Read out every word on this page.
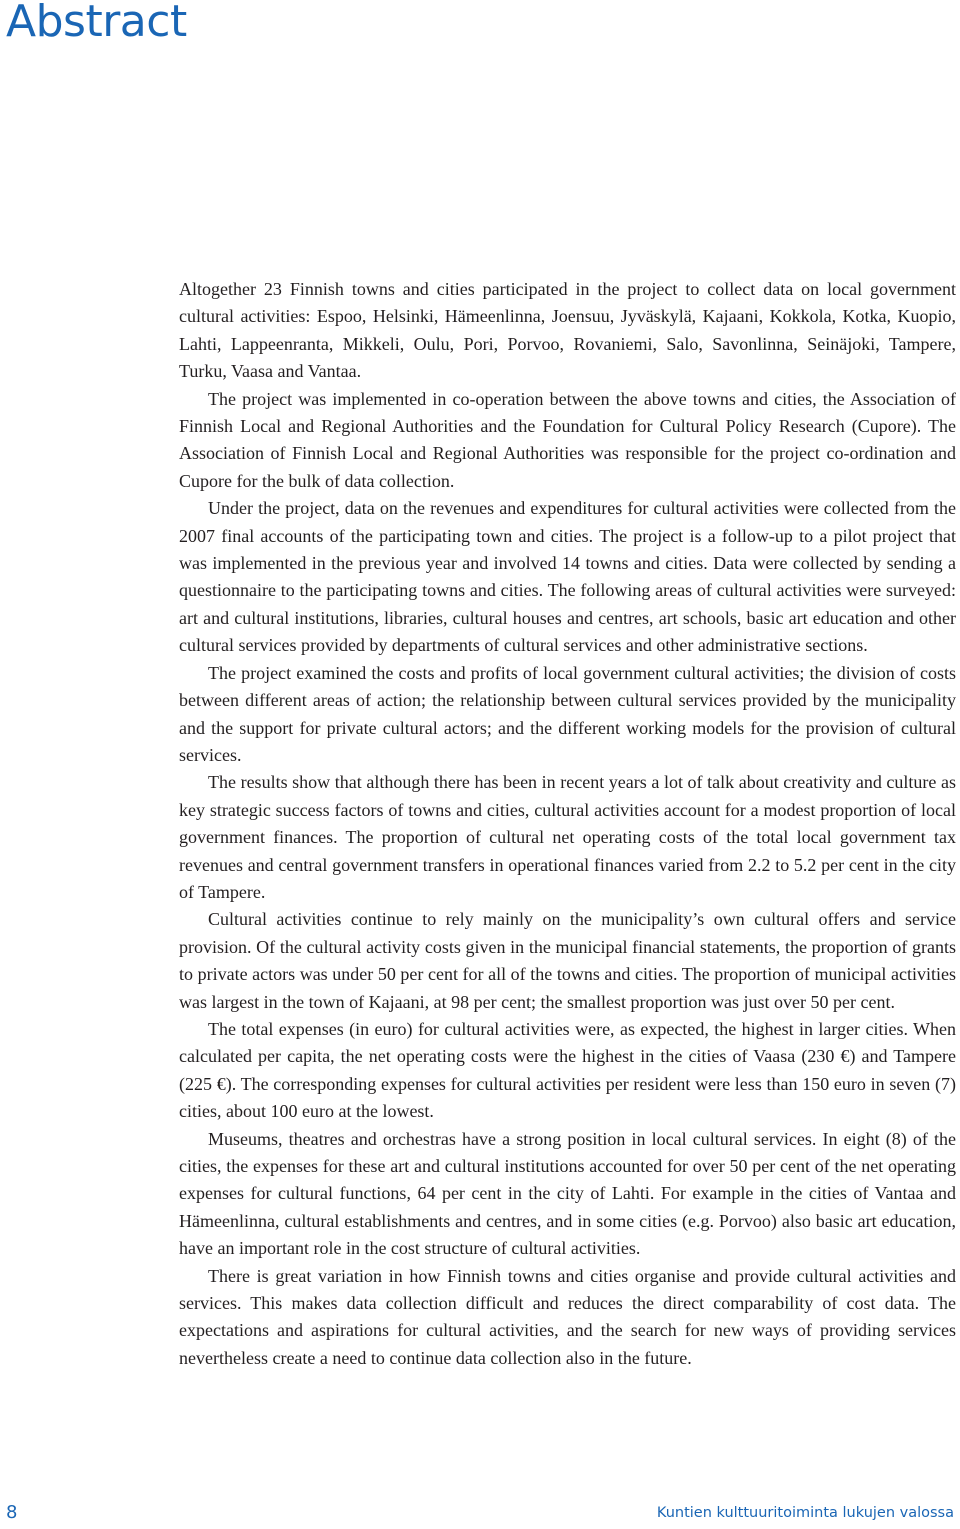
Abstract

Altogether 23 Finnish towns and cities participated in the project to collect data on local government cultural activities: Espoo, Helsinki, Hämeenlinna, Joensuu, Jyväskylä, Kajaani, Kokkola, Kotka, Kuopio, Lahti, Lappeenranta, Mikkeli, Oulu, Pori, Porvoo, Rovaniemi, Salo, Savonlinna, Seinäjoki, Tampere, Turku, Vaasa and Vantaa.

The project was implemented in co-operation between the above towns and cities, the Association of Finnish Local and Regional Authorities and the Foundation for Cultural Policy Research (Cupore). The Association of Finnish Local and Regional Authorities was responsible for the project co-ordination and Cupore for the bulk of data collection.

Under the project, data on the revenues and expenditures for cultural activities were collected from the 2007 final accounts of the participating town and cities. The project is a follow-up to a pilot project that was implemented in the previous year and involved 14 towns and cities. Data were collected by sending a questionnaire to the participating towns and cities. The following areas of cultural activities were surveyed: art and cultural institutions, libraries, cultural houses and centres, art schools, basic art education and other cultural services provided by departments of cultural services and other administrative sections.

The project examined the costs and profits of local government cultural activities; the division of costs between different areas of action; the relationship between cultural services provided by the municipality and the support for private cultural actors; and the different working models for the provision of cultural services.

The results show that although there has been in recent years a lot of talk about creativity and culture as key strategic success factors of towns and cities, cultural activities account for a modest proportion of local government finances. The proportion of cultural net operating costs of the total local government tax revenues and central government transfers in operational finances varied from 2.2 to 5.2 per cent in the city of Tampere.

Cultural activities continue to rely mainly on the municipality’s own cultural offers and service provision. Of the cultural activity costs given in the municipal financial statements, the proportion of grants to private actors was under 50 per cent for all of the towns and cities. The proportion of municipal activities was largest in the town of Kajaani, at 98 per cent; the smallest proportion was just over 50 per cent.

The total expenses (in euro) for cultural activities were, as expected, the highest in larger cities. When calculated per capita, the net operating costs were the highest in the cities of Vaasa (230 €) and Tampere (225 €). The corresponding expenses for cultural activities per resident were less than 150 euro in seven (7) cities, about 100 euro at the lowest.

Museums, theatres and orchestras have a strong position in local cultural services. In eight (8) of the cities, the expenses for these art and cultural institutions accounted for over 50 per cent of the net operating expenses for cultural functions, 64 per cent in the city of Lahti. For example in the cities of Vantaa and Hämeenlinna, cultural establishments and centres, and in some cities (e.g. Porvoo) also basic art education, have an important role in the cost structure of cultural activities.

There is great variation in how Finnish towns and cities organise and provide cultural activities and services. This makes data collection difficult and reduces the direct comparability of cost data. The expectations and aspirations for cultural activities, and the search for new ways of providing services nevertheless create a need to continue data collection also in the future.

8	Kuntien kulttuuritoiminta lukujen valossa
